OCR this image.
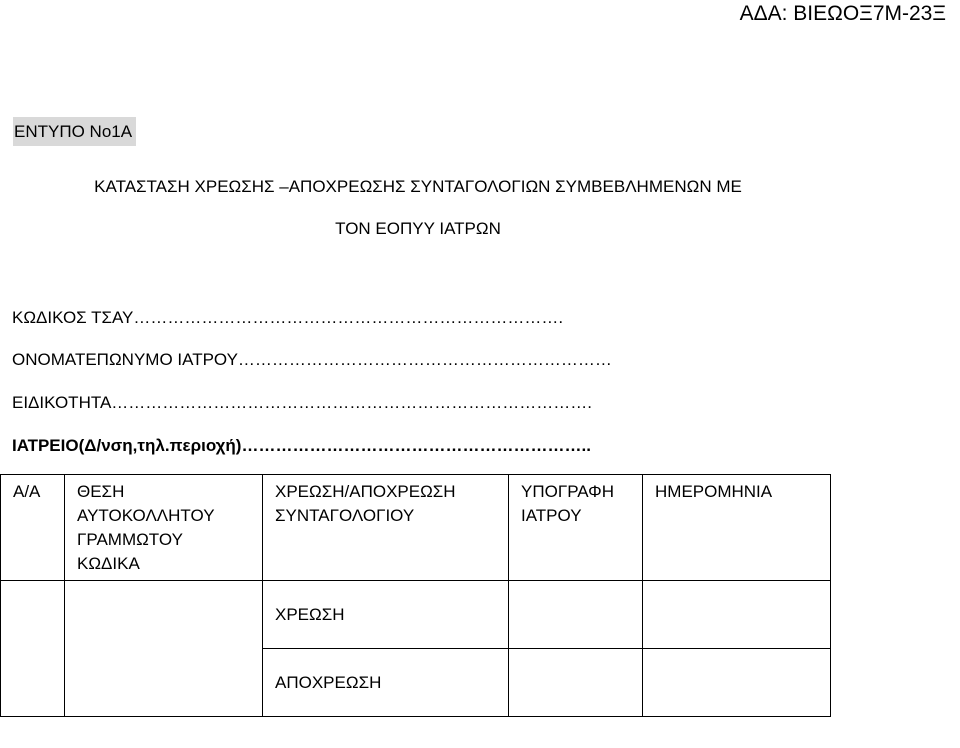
ΑΔΑ: ΒΙΕΩΟΞ7Μ-23Ξ
ΕΝΤΥΠΟ Νο1Α
ΚΑΤΑΣΤΑΣΗ ΧΡΕΩΣΗΣ –ΑΠΟΧΡΕΩΣΗΣ ΣΥΝΤΑΓΟΛΟΓΙΩΝ ΣΥΜΒΕΒΛΗΜΕΝΩΝ ΜΕ
ΤΟΝ ΕΟΠΥΥ ΙΑΤΡΩΝ
ΚΩΔΙΚΟΣ ΤΣΑΥ………………………………………………………………….
ΟΝΟΜΑΤΕΠΩΝΥΜΟ ΙΑΤΡΟΥ…………………………………………………………
ΕΙΔΙΚΟΤΗΤΑ………………………………………………………………………….
ΙΑΤΡΕΙΟ(Δ/νση,τηλ.περιοχή)……………………………………………………..
Α/Α	ΘΕΣΗ ΑΥΤΟΚΟΛΛΗΤΟΥ ΓΡΑΜΜΩΤΟΥ ΚΩΔΙΚΑ	ΧΡΕΩΣΗ/ΑΠΟΧΡΕΩΣΗ ΣΥΝΤΑΓΟΛΟΓΙΟΥ	ΥΠΟΓΡΑΦΗ ΙΑΤΡΟΥ	ΗΜΕΡΟΜΗΝΙΑ
		ΧΡΕΩΣΗ		
		ΑΠΟΧΡΕΩΣΗ		
